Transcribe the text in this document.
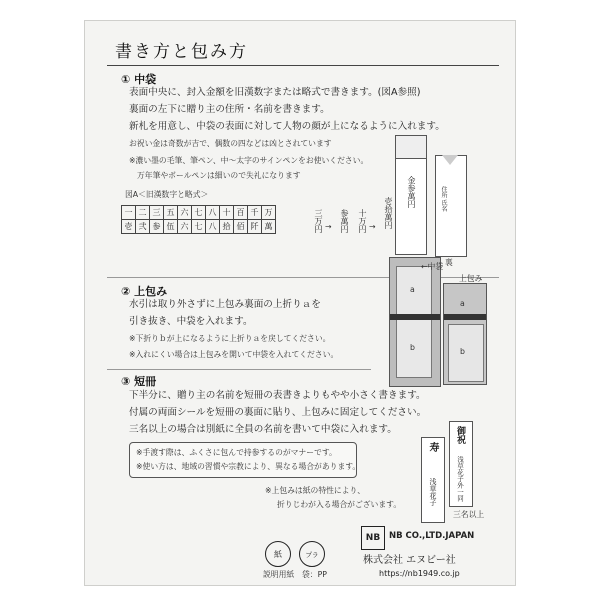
書き方と包み方
① 中袋
表面中央に、封入金額を旧漢数字または略式で書きます。(図A参照)
裏面の左下に贈り主の住所・名前を書きます。
新札を用意し、中袋の表面に対して人物の顔が上になるように入れます。
お祝い金は奇数が吉で、偶数の四などは凶とされています
※濃い墨の毛筆、筆ペン、中～太字のサインペンをお使いください。
万年筆やボールペンは細いので失礼になります
図A＜旧漢数字と略式＞
一	二	三	五	六	七	八	十	百	千	万
壱	弐	参	伍	六	七	八	拾	佰	阡	萬	三万円 → 参萬円 十万円 → 壱拾萬円
金参萬円	住所 氏名
裏
② 上包み
水引は取り外さずに上包み裏面の上折りａを
引き抜き、中袋を入れます。
※下折りｂが上になるように上折りａを戻してください。
※入れにくい場合は上包みを開いて中袋を入れてください。
a
b
a
b
←中袋
上包み
③ 短冊
下半分に、贈り主の名前を短冊の表書きよりもやや小さく書きます。
付属の両面シールを短冊の裏面に貼り、上包みに固定してください。
三名以上の場合は別紙に全員の名前を書いて中袋に入れます。
※手渡す際は、ふくさに包んで持参するのがマナーです。
※使い方は、地域の習慣や宗教により、異なる場合があります。
※上包みは紙の特性により、
折りじわが入る場合がございます。
寿
浅草花子
御祝
浅草花子外一同
三名以上
紙	プラ
説明用紙　袋：PP
NB NB CO.,LTD.JAPAN
株式会社 エヌビー社
https://nb1949.co.jp
